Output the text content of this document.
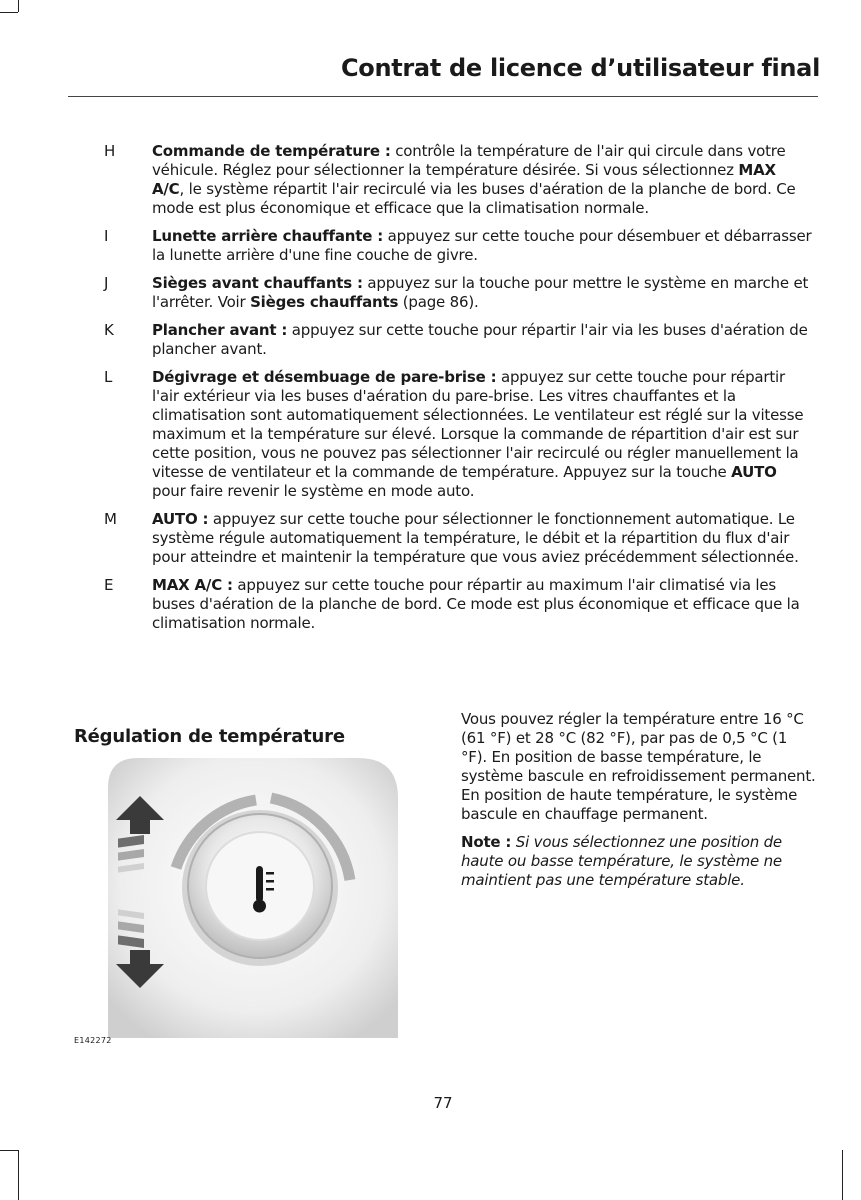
Contrat de licence d’utilisateur final
H Commande de température : contrôle la température de l'air qui circule dans votre véhicule. Réglez pour sélectionner la température désirée. Si vous sélectionnez MAX A/C, le système répartit l'air recirculé via les buses d'aération de la planche de bord. Ce mode est plus économique et efficace que la climatisation normale.
I	Lunette arrière chauffante : appuyez sur cette touche pour désembuer et débarrasser la lunette arrière d'une fine couche de givre.
J	Sièges avant chauffants : appuyez sur la touche pour mettre le système en marche et l'arrêter. Voir Sièges chauffants (page 86).
K	Plancher avant : appuyez sur cette touche pour répartir l'air via les buses d'aération de plancher avant.
L	Dégivrage et désembuage de pare-brise : appuyez sur cette touche pour répartir l'air extérieur via les buses d'aération du pare-brise. Les vitres chauffantes et la climatisation sont automatiquement sélectionnées. Le ventilateur est réglé sur la vitesse maximum et la température sur élevé. Lorsque la commande de répartition d'air est sur cette position, vous ne pouvez pas sélectionner l'air recirculé ou régler manuellement la vitesse de ventilateur et la commande de température. Appuyez sur la touche AUTO pour faire revenir le système en mode auto.
M AUTO : appuyez sur cette touche pour sélectionner le fonctionnement automatique. Le système régule automatiquement la température, le débit et la répartition du flux d'air pour atteindre et maintenir la température que vous aviez précédemment sélectionnée.
E	MAX A/C : appuyez sur cette touche pour répartir au maximum l'air climatisé via les buses d'aération de la planche de bord. Ce mode est plus économique et efficace que la climatisation normale.
Régulation de température
E142272

Vous pouvez régler la température entre 16 °C (61 °F) et 28 °C (82 °F), par pas de 0,5 °C (1 °F). En position de basse température, le système bascule en refroidissement permanent. En position de haute température, le système bascule en chauffage permanent.

Note : Si vous sélectionnez une position de haute ou basse température, le système ne maintient pas une température stable.

77
